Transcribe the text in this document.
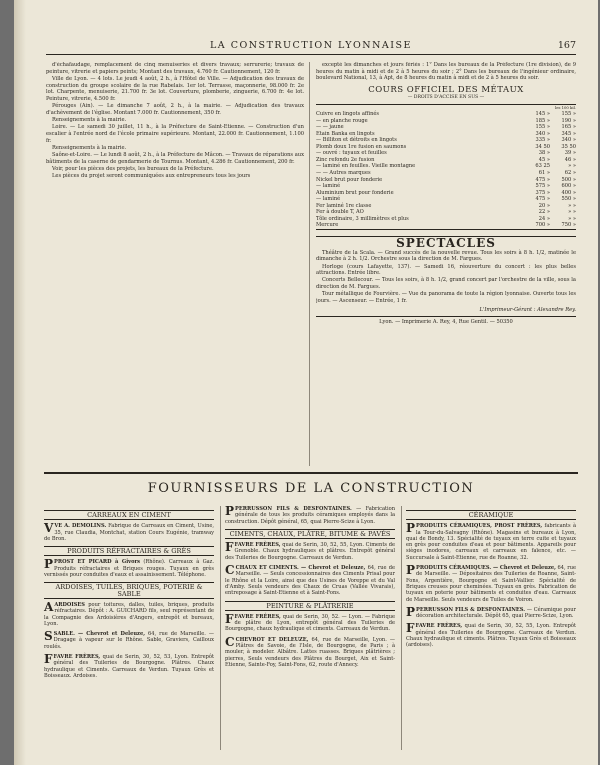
LA CONSTRUCTION LYONNAISE	167

d'échafaudage, remplacement de cinq menuiseries et divers travaux; serrurerie; travaux de peinture, vitrerie et papiers peints; Montant des travaux, 4.760 fr. Cautionnement, 120 fr.

Ville de Lyon. — 4 lots. Le jeudi 4 août, 2 h., à l'Hôtel de Ville. — Adjudication des travaux de construction du groupe scolaire de la rue Rabelais. 1er lot. Terrasse, maçonnerie, 98.000 fr. 2e lot. Charpente, menuiserie, 21.700 fr. 3e lot. Couverture, plomberie, zinguerie, 6.700 fr. 4e lot. Peinture, vitrerie, 4.500 fr.

Pérouges (Ain). — Le dimanche 7 août, 2 h., à la mairie. — Adjudication des travaux d'achèvement de l'église. Montant 7.000 fr. Cautionnement, 350 fr.

Renseignements à la mairie.

Loire. — Le samedi 30 juillet, 11 h., à la Préfecture de Saint-Etienne. — Construction d'un escalier à l'entrée nord de l'école primaire supérieure. Montant, 22.000 fr. Cautionnement, 1.100 fr.

Renseignements à la mairie.

Saône-et-Loire. — Le lundi 8 août, 2 h., à la Préfecture de Mâcon. — Travaux de réparations aux bâtiments de la caserne de gendarmerie de Tournus. Montant, 4.286 fr. Cautionnement, 200 fr.

Voir, pour les pièces des projets, les bureaux de la Préfecture.

Les pièces du projet seront communiquées aux entrepreneurs tous les jours

excepté les dimanches et jours fériés : 1° Dans les bureaux de la Préfecture (1re division), de 9 heures du matin à midi et de 2 à 5 heures du soir ; 2° Dans les bureaux de l'ingénieur ordinaire, boulevard National, 13, à Apt, de 8 heures du matin à midi et de 2 à 5 heures du soir.

COURS OFFICIEL DES MÉTAUX
— DROITS D'ACCISE EN SUS —
		les 100 kil.
Cuivre en lingots affinés	145 »	155 »
— en planche rouge	185 »	190 »
— — jaune	155 »	165 »
Etain Banka en lingots	340 »	345 »
— Billiton et détroits en lingots	335 »	340 »
Plomb doux 1re fusion en saumons	34 50	35 50
— ouvré : tuyaux et feuilles	38 »	39 »
Zinc refondu 2e fusion	45 »	46 »
— laminé en feuilles. Vieille montagne	63 25	» »
— — Autres marques	61 »	62 »
Nickel brut pour fonderie	475 »	500 »
— laminé	575 »	600 »
Aluminium brut pour fonderie	375 »	400 »
— laminé	475 »	550 »
Fer laminé 1re classe	20 »	» »
Fer à double T, AO	22 »	» »
Tôle ordinaire, 3 millimètres et plus	24 »	» »
Mercure	700 »	750 »
SPECTACLES

Théâtre de la Scala. — Grand succès de la nouvelle revue. Tous les soirs à 8 h. 1/2, matinée le dimanche à 2 h. 1/2. Orchestre sous la direction de M. Fargues.

Horloge (cours Lafayette, 137). — Samedi 16, réouverture du concert : les plus belles attractions. Entrée libre.

Concerts Bellecour. — Tous les soirs, à 8 h. 1/2, grand concert par l'orchestre de la ville, sous la direction de M. Fargues.

Tour métallique de Fourvière. — Vue du panorama de toute la région lyonnaise. Ouverte tous les jours. — Ascenseur. — Entrée, 1 fr.

L'Imprimeur-Gérant : Alexandre Rey.
Lyon. — Imprimerie A. Rey, 4, Rue Gentil. — 50350
FOURNISSEURS DE LA CONSTRUCTION
CARREAUX EN CIMENT
VVE A. DEMOLINS. Fabrique de Carreaux en Ciment, Usine, 35, rue Claudia, Montchat, station Cours Eugénie, tramway de Bron.
PRODUITS RÉFRACTAIRES & GRÈS
PPROST ET PICARD à Givors (Rhône). Carreaux à Gaz. Produits réfractaires et Briques rouges. Tuyaux en grès vernissés pour conduites d'eaux et assainissement. Téléphone.
ARDOISES, TUILES, BRIQUES, POTERIE & SABLE
AARDOISES pour toitures, dalles, tuiles, briques, produits réfractaires. Dépôt : A. GUICHARD fils, seul représentant de la Compagnie des Ardoisières d'Angers, entrepôt et bureaux, Lyon.
SSABLE. — Chevrot et Deleuze, 64, rue de Marseille. — Dragage à vapeur sur le Rhône. Sable, Graviers, Cailloux roulés.
FFAVRE FRÈRES, quai de Serin, 30, 52, 53, Lyon. Entrepôt général des Tuileries de Bourgogne. Plâtres. Chaux hydraulique et Ciments. Carreaux de Verdun. Tuyaux Grès et Boisseaux. Ardoises.
PPERRUSSON FILS & DESFONTAINES. — Fabrication générale de tous les produits céramiques employés dans la construction. Dépôt général, 65, quai Pierre-Scize à Lyon.
CIMENTS, CHAUX, PLÂTRE, BITUME & PAVÉS
FFAVRE FRÈRES, quai de Serin, 30, 52, 55, Lyon. Ciments de Grenoble. Chaux hydrauliques et plâtres. Entrepôt général des Tuileries de Bourgogne. Carreaux de Verdun.
CCHAUX ET CIMENTS. — Chevrot et Deleuze, 64, rue de Marseille. — Seuls concessionnaires des Ciments Prisal pour le Rhône et la Loire, ainsi que des Usines de Voreppe et du Val d'Amby. Seuls vendeurs des Chaux de Cruas (Vallée Vivarais), entreposage à Saint-Etienne et à Saint-Fons.
PEINTURE & PLÂTRERIE
FFAVRE FRÈRES, quai de Serin, 30, 52. — Lyon. — Fabrique de plâtre de Lyon, entrepôt général des Tuileries de Bourgogne, chaux hydraulique et ciments. Carreaux de Verdun.
CCHEVROT ET DELEUZE, 64, rue de Marseille, Lyon. — Plâtres de Savoie, de l'Isle, de Bourgogne, de Paris ; à mouler, à modeler. Albâtre. Lattes ruasses. Briques plâtrières ; pierres, Seuls vendeurs des Plâtres du Bourget, Aix et Saint-Etienne, Sainte-Foy, Saint-Fons, 62, route d'Annecy.
CÉRAMIQUE
PPRODUITS CÉRAMIQUES, PROST FRÈRES, fabricants à la Tour-du-Salvagny (Rhône). Magasins et bureaux à Lyon, quai de Bondy, 13. Spécialité de tuyaux en terre cuite et tuyaux en grès pour conduites d'eau et pour bâtiments. Appareils pour sièges inodores, carreaux et carreaux en faïence, etc. — Succursale à Saint-Etienne, rue de Roanne, 32.
PPRODUITS CÉRAMIQUES. — Chevrot et Deleuze, 64, rue de Marseille. — Dépositaires des Tuileries de Roanne, Saint-Fons, Argentière, Bourgogne et Saint-Vallier. Spécialité de Briques creuses pour cheminées. Tuyaux en grès. Fabrication de tuyaux en poterie pour bâtiments et conduites d'eau. Carreaux de Marseille. Seuls vendeurs de Tuiles de Voiron.
PPERRUSSON FILS & DESFONTAINES. — Céramique pour décoration architecturale. Dépôt 65, quai Pierre-Scize, Lyon.
FFAVRE FRÈRES, quai de Serin, 30, 52, 55, Lyon. Entrepôt général des Tuileries de Bourgogne. Carreaux de Verdun. Chaux hydraulique et ciments. Plâtres. Tuyaux Grès et Boisseaux (ardoises).
